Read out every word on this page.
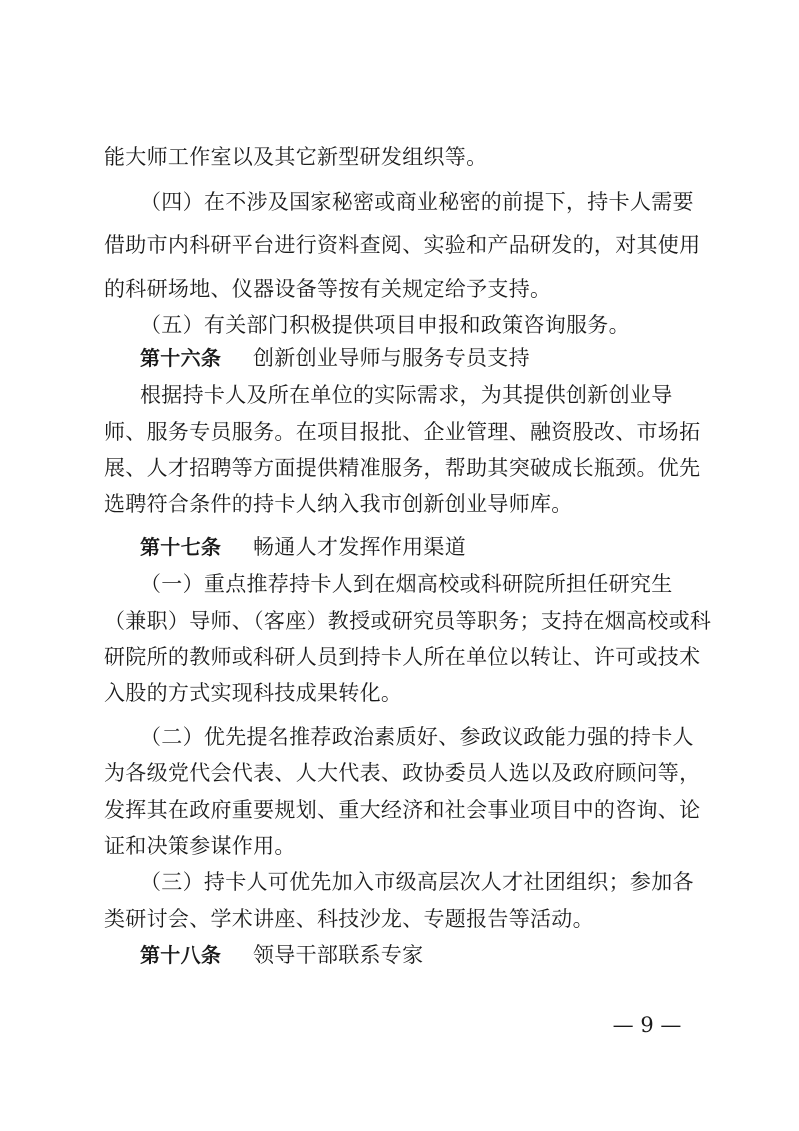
能大师工作室以及其它新型研发组织等。
（四）在不涉及国家秘密或商业秘密的前提下，持卡人需要
借助市内科研平台进行资料查阅、实验和产品研发的，对其使用
的科研场地、仪器设备等按有关规定给予支持。
（五）有关部门积极提供项目申报和政策咨询服务。
第十六条 创新创业导师与服务专员支持
根据持卡人及所在单位的实际需求，为其提供创新创业导
师、服务专员服务。在项目报批、企业管理、融资股改、市场拓
展、人才招聘等方面提供精准服务，帮助其突破成长瓶颈。优先
选聘符合条件的持卡人纳入我市创新创业导师库。
第十七条 畅通人才发挥作用渠道
（一）重点推荐持卡人到在烟高校或科研院所担任研究生
（兼职）导师、（客座）教授或研究员等职务；支持在烟高校或科
研院所的教师或科研人员到持卡人所在单位以转让、许可或技术
入股的方式实现科技成果转化。
（二）优先提名推荐政治素质好、参政议政能力强的持卡人
为各级党代会代表、人大代表、政协委员人选以及政府顾问等，
发挥其在政府重要规划、重大经济和社会事业项目中的咨询、论
证和决策参谋作用。
（三）持卡人可优先加入市级高层次人才社团组织；参加各
类研讨会、学术讲座、科技沙龙、专题报告等活动。
第十八条 领导干部联系专家
— 9 —
